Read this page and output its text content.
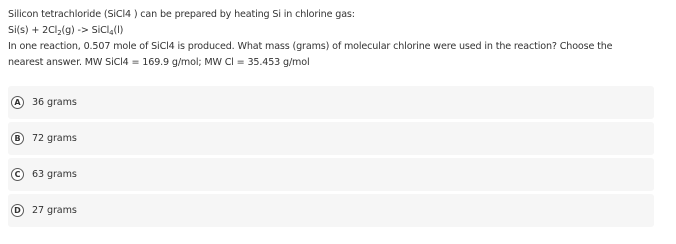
Silicon tetrachloride (SiCl4 ) can be prepared by heating Si in chlorine gas:
$Si(s) + 2Cl_2(g)$ -> SiCl$_4$(l)
In one reaction, 0.507 mole of SiCl4 is produced. What mass (grams) of molecular chlorine were used in the reaction? Choose the
nearest answer. MW SiCl4 = 169.9 g/mol; MW Cl = 35.453 g/mol
A	36 grams
B	72 grams
C	63 grams
D	27 grams
